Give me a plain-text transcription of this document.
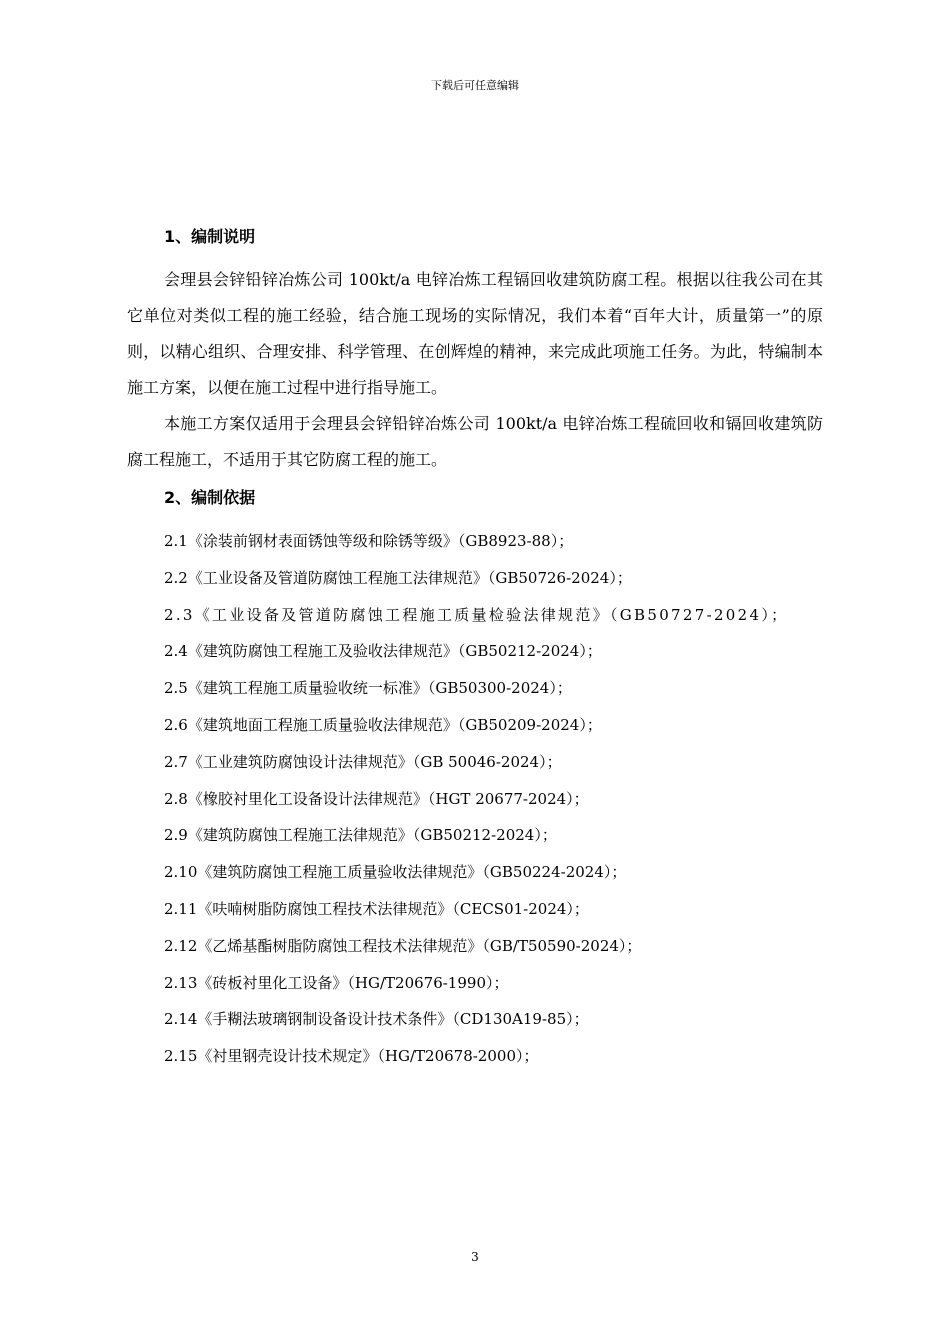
下载后可任意编辑
1、编制说明

会理县会锌铅锌冶炼公司 100kt/a 电锌冶炼工程镉回收建筑防腐工程。根据以往我公司在其它单位对类似工程的施工经验，结合施工现场的实际情况，我们本着“百年大计，质量第一”的原则，以精心组织、合理安排、科学管理、在创辉煌的精神，来完成此项施工任务。为此，特编制本施工方案，以便在施工过程中进行指导施工。

本施工方案仅适用于会理县会锌铅锌冶炼公司 100kt/a 电锌冶炼工程硫回收和镉回收建筑防腐工程施工，不适用于其它防腐工程的施工。

2、编制依据
2.1《涂装前钢材表面锈蚀等级和除锈等级》（GB8923-88）；
2.2《工业设备及管道防腐蚀工程施工法律规范》（GB50726-2024）；
2.3《工业设备及管道防腐蚀工程施工质量检验法律规范》（GB50727-2024）；
2.4《建筑防腐蚀工程施工及验收法律规范》（GB50212-2024）；
2.5《建筑工程施工质量验收统一标准》（GB50300-2024）；
2.6《建筑地面工程施工质量验收法律规范》（GB50209-2024）；
2.7《工业建筑防腐蚀设计法律规范》（GB 50046-2024）；
2.8《橡胶衬里化工设备设计法律规范》（HGT 20677-2024）；
2.9《建筑防腐蚀工程施工法律规范》（GB50212-2024）；
2.10《建筑防腐蚀工程施工质量验收法律规范》（GB50224-2024）；
2.11《呋喃树脂防腐蚀工程技术法律规范》（CECS01-2024）；
2.12《乙烯基酯树脂防腐蚀工程技术法律规范》（GB/T50590-2024）；
2.13《砖板衬里化工设备》（HG/T20676-1990）；
2.14《手糊法玻璃钢制设备设计技术条件》（CD130A19-85）；
2.15《衬里钢壳设计技术规定》（HG/T20678-2000）；
3
